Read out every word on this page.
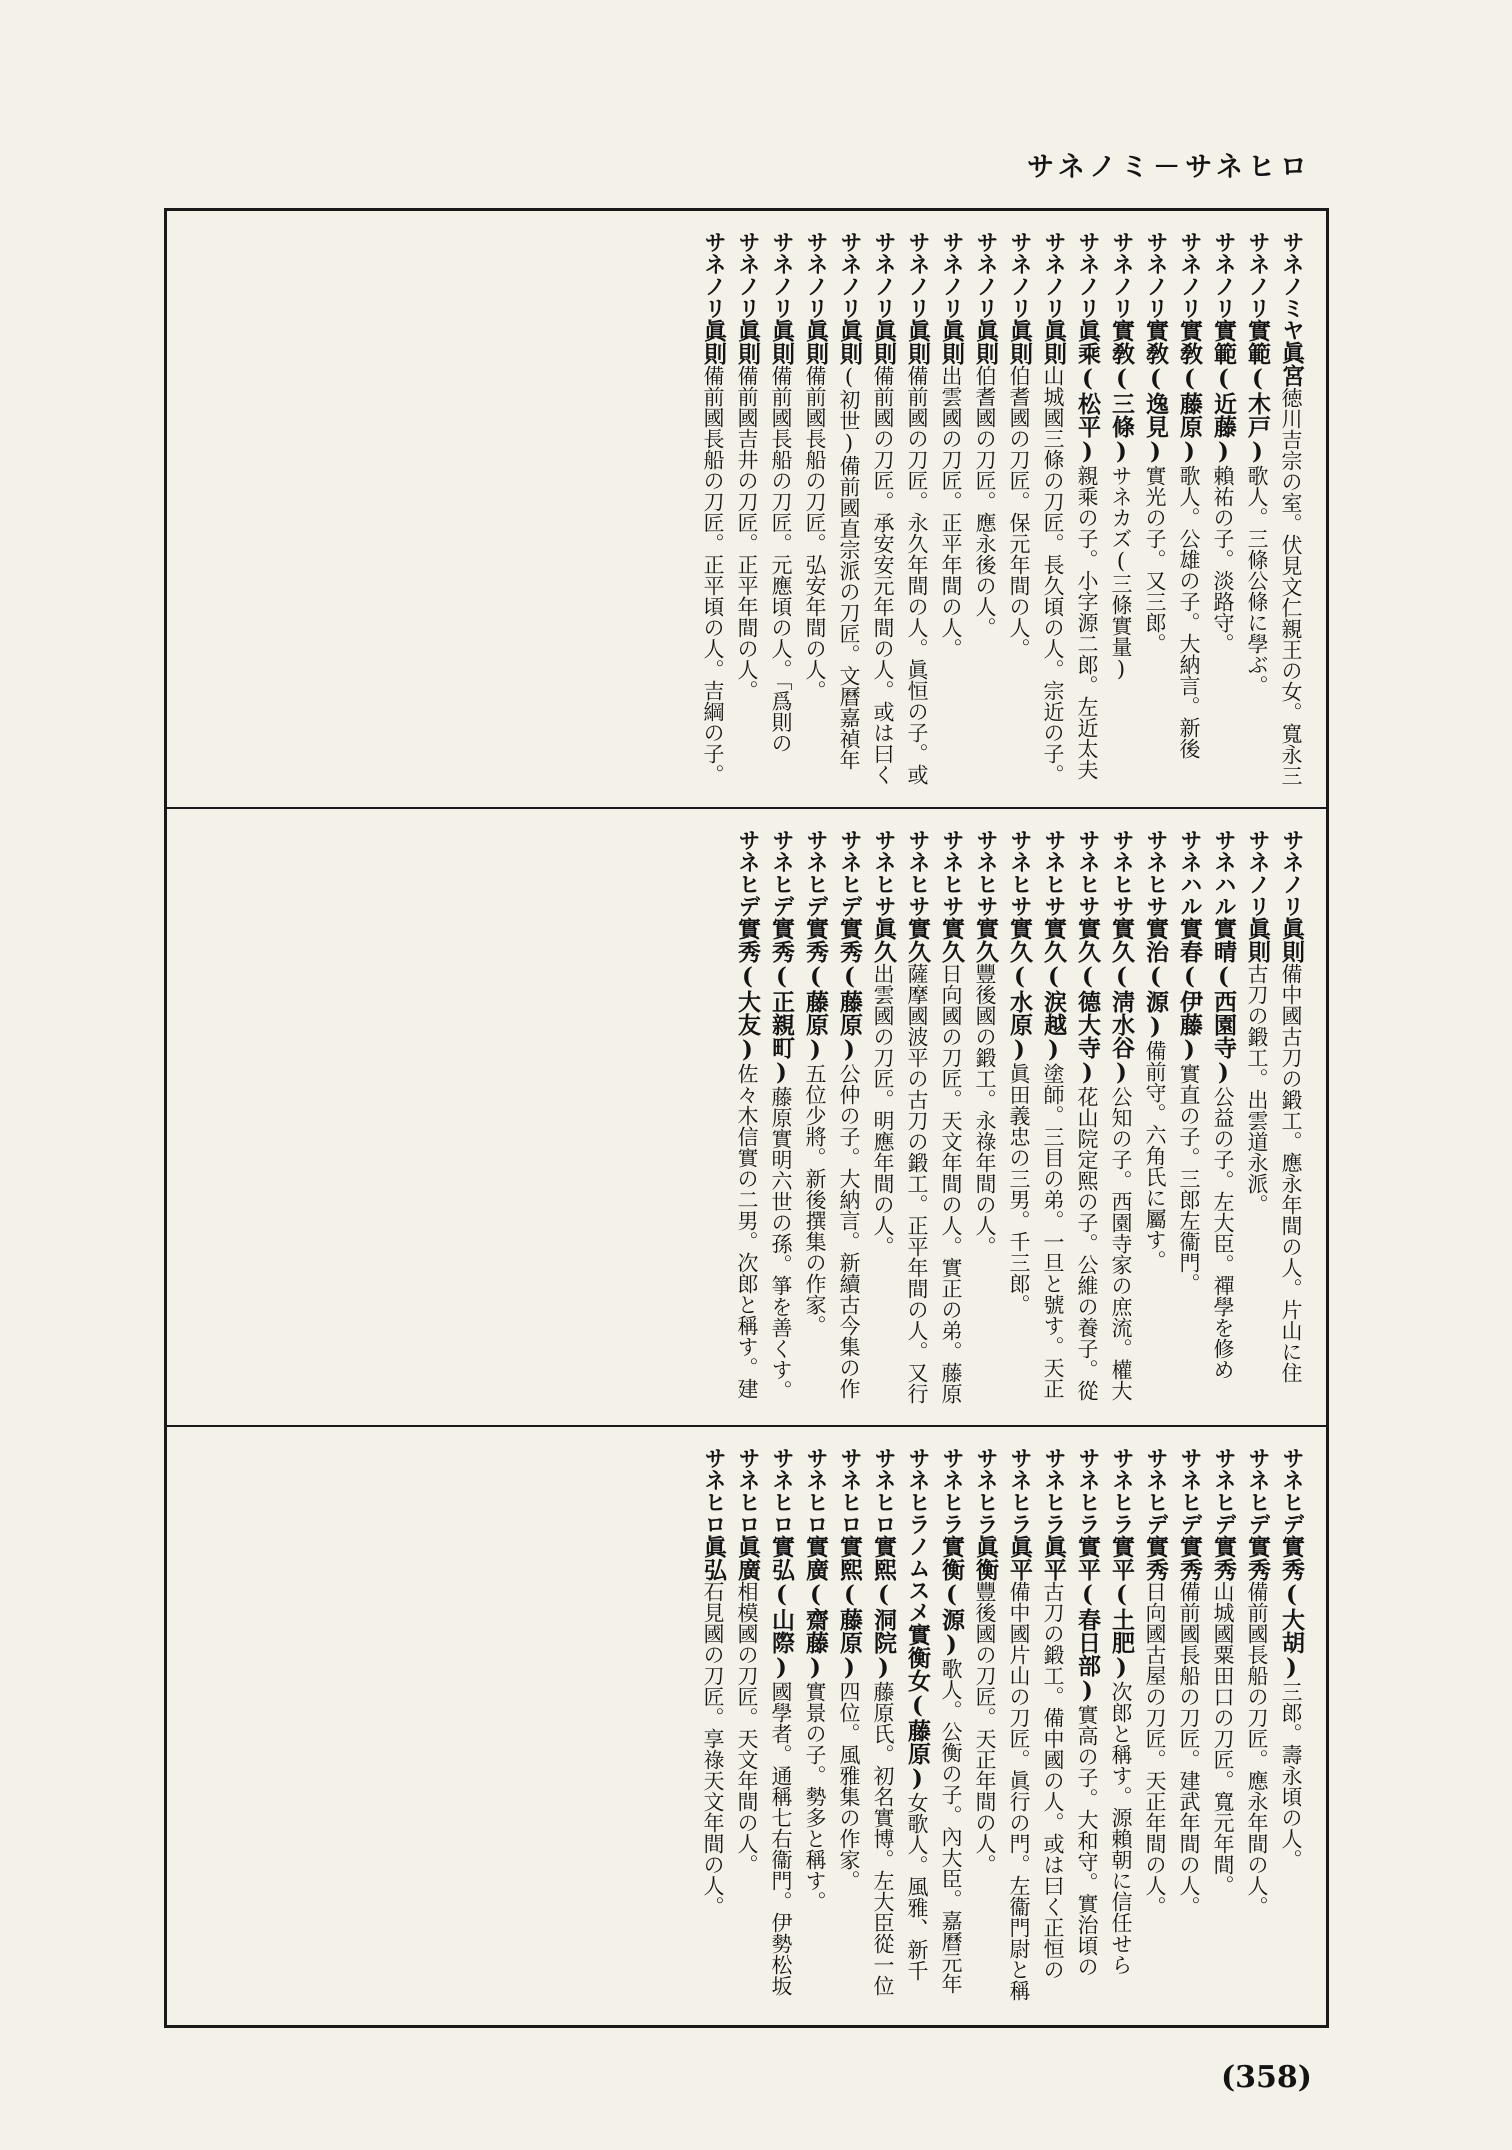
サネノミ－サネヒロ
サネノミヤ眞宮徳川吉宗の室。伏見文仁親王の女。寬永三
サネノリ實範(木戸)歌人。三條公條に學ぶ。
サネノリ實範(近藤)賴祐の子。淡路守。
サネノリ實敎(藤原)歌人。公雄の子。大納言。新後
サネノリ實敎(逸見)實光の子。又三郎。
サネノリ實敎(三條)サネカズ(三條實量)
サネノリ眞乘(松平)親乘の子。小字源二郎。左近太夫
サネノリ眞則山城國三條の刀匠。長久頃の人。宗近の子。
サネノリ眞則伯耆國の刀匠。保元年間の人。
サネノリ眞則伯耆國の刀匠。應永後の人。
サネノリ眞則出雲國の刀匠。正平年間の人。
サネノリ眞則備前國の刀匠。永久年間の人。眞恒の子。或
サネノリ眞則備前國の刀匠。承安安元年間の人。或は曰く
サネノリ眞則(初世)備前國直宗派の刀匠。文曆嘉禎年
サネノリ眞則備前國長船の刀匠。弘安年間の人。
サネノリ眞則備前國長船の刀匠。元應頃の人。「爲則の
サネノリ眞則備前國吉井の刀匠。正平年間の人。
サネノリ眞則備前國長船の刀匠。正平頃の人。吉綱の子。
サネノリ眞則備中國古刀の鍛工。應永年間の人。片山に住
サネノリ眞則古刀の鍛工。出雲道永派。
サネハル實晴(西園寺)公益の子。左大臣。禪學を修め
サネハル實春(伊藤)實直の子。三郎左衞門。
サネヒサ實治(源)備前守。六角氏に屬す。
サネヒサ實久(淸水谷)公知の子。西園寺家の庶流。權大
サネヒサ實久(德大寺)花山院定熙の子。公維の養子。從
サネヒサ實久(涙越)塗師。三目の弟。一旦と號す。天正
サネヒサ實久(水原)眞田義忠の三男。千三郎。
サネヒサ實久豐後國の鍛工。永祿年間の人。
サネヒサ實久日向國の刀匠。天文年間の人。實正の弟。藤原
サネヒサ實久薩摩國波平の古刀の鍛工。正平年間の人。又行
サネヒサ眞久出雲國の刀匠。明應年間の人。
サネヒデ實秀(藤原)公仲の子。大納言。新續古今集の作
サネヒデ實秀(藤原)五位少將。新後撰集の作家。
サネヒデ實秀(正親町)藤原實明六世の孫。箏を善くす。
サネヒデ實秀(大友)佐々木信實の二男。次郎と稱す。建
サネヒデ實秀(大胡)三郎。壽永頃の人。
サネヒデ實秀備前國長船の刀匠。應永年間の人。
サネヒデ實秀山城國粟田口の刀匠。寬元年間。
サネヒデ實秀備前國長船の刀匠。建武年間の人。
サネヒデ實秀日向國古屋の刀匠。天正年間の人。
サネヒラ實平(土肥)次郎と稱す。源賴朝に信任せら
サネヒラ實平(春日部)實高の子。大和守。實治頃の
サネヒラ眞平古刀の鍛工。備中國の人。或は曰く正恒の
サネヒラ眞平備中國片山の刀匠。眞行の門。左衞門尉と稱
サネヒラ眞衡豐後國の刀匠。天正年間の人。
サネヒラ實衡(源)歌人。公衡の子。內大臣。嘉曆元年
サネヒラノムスメ實衡女(藤原)女歌人。風雅、新千
サネヒロ實熙(洞院)藤原氏。初名實博。左大臣從一位
サネヒロ實熙(藤原)四位。風雅集の作家。
サネヒロ實廣(齋藤)實景の子。勢多と稱す。
サネヒロ實弘(山際)國學者。通稱七右衞門。伊勢松坂
サネヒロ眞廣相模國の刀匠。天文年間の人。
サネヒロ眞弘石見國の刀匠。享祿天文年間の人。
(358)
